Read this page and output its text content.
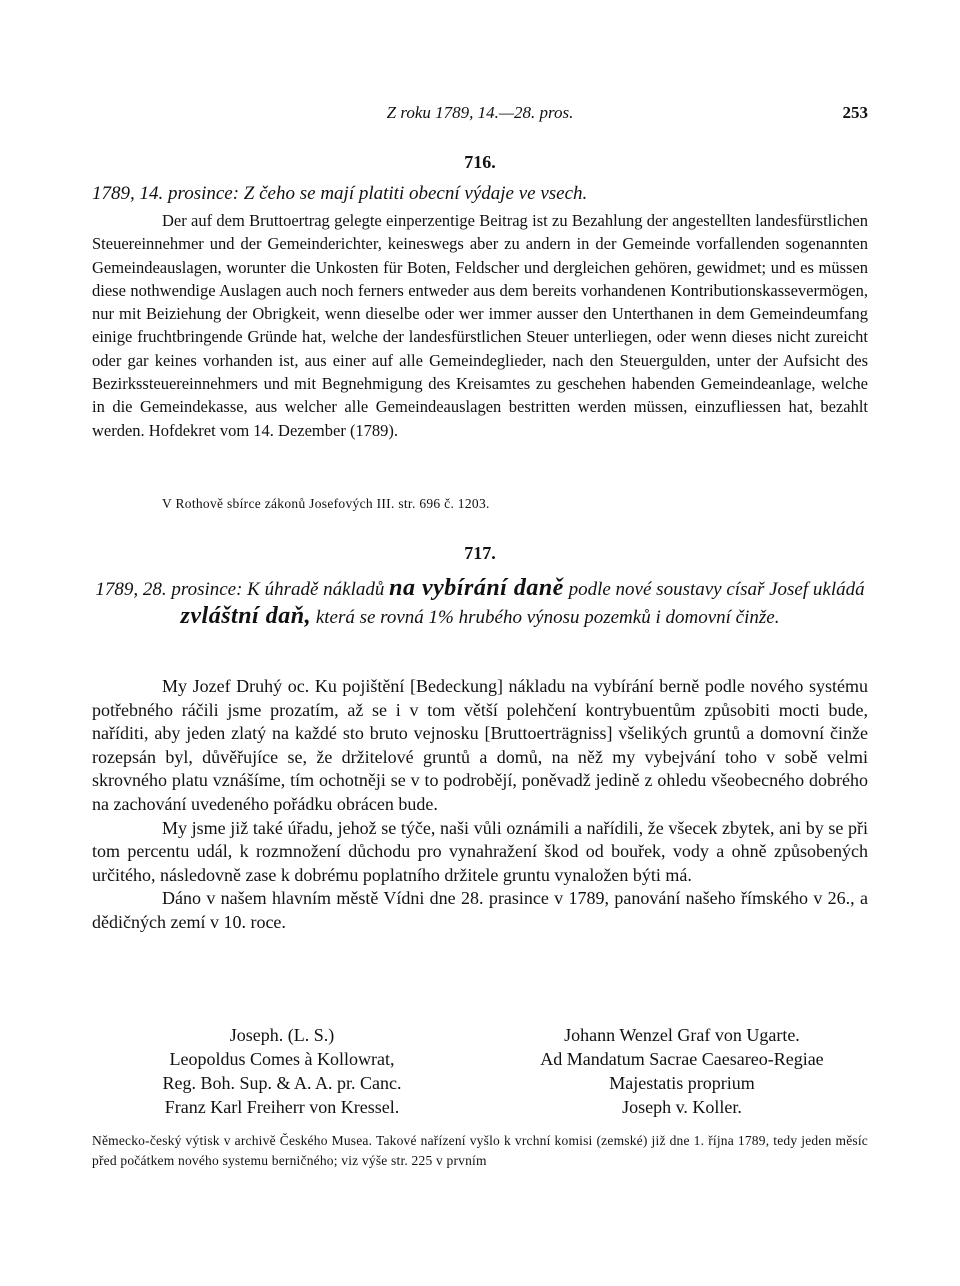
Z roku 1789, 14.—28. pros.	253
716.
1789, 14. prosince: Z čeho se mají platiti obecní výdaje ve vsech.

Der auf dem Bruttoertrag gelegte einperzentige Beitrag ist zu Bezahlung der angestellten landesfürstlichen Steuereinnehmer und der Gemeinderichter, keineswegs aber zu andern in der Gemeinde vorfallenden sogenannten Gemeindeauslagen, worunter die Unkosten für Boten, Feldscher und dergleichen gehören, gewidmet; und es müssen diese nothwendige Auslagen auch noch ferners entweder aus dem bereits vorhandenen Kontributionskassevermögen, nur mit Beiziehung der Obrigkeit, wenn dieselbe oder wer immer ausser den Unterthanen in dem Gemeindeumfang einige fruchtbringende Gründe hat, welche der landesfürstlichen Steuer unterliegen, oder wenn dieses nicht zureicht oder gar keines vorhanden ist, aus einer auf alle Gemeindeglieder, nach den Steuergulden, unter der Aufsicht des Bezirkssteuereinnehmers und mit Begnehmigung des Kreisamtes zu geschehen habenden Gemeindeanlage, welche in die Gemeindekasse, aus welcher alle Gemeindeauslagen bestritten werden müssen, einzufliessen hat, bezahlt werden. Hofdekret vom 14. Dezember (1789).

V Rothově sbírce zákonů Josefových III. str. 696 č. 1203.
717.
1789, 28. prosince: K úhradě nákladů na vybírání daně podle nové soustavy císař Josef ukládá zvláštní daň, která se rovná 1% hrubého výnosu pozemků i domovní činže.

My Jozef Druhý oc. Ku pojištění [Bedeckung] nákladu na vybírání berně podle nového systému potřebného ráčili jsme prozatím, až se i v tom větší polehčení kontrybuentům způsobiti mocti bude, naříditi, aby jeden zlatý na každé sto bruto vejnosku [Bruttoerträgniss] všelikých gruntů a domovní činže rozepsán byl, důvěřujíce se, že držitelové gruntů a domů, na něž my vybejvání toho v sobě velmi skrovného platu vznášíme, tím ochotněji se v to podrobějí, poněvadž jedině z ohledu všeobecného dobrého na zachování uvedeného pořádku obrácen bude.

My jsme již také úřadu, jehož se týče, naši vůli oznámili a nařídili, že všecek zbytek, ani by se při tom percentu udál, k rozmnožení důchodu pro vynahražení škod od bouřek, vody a ohně způsobených určitého, následovně zase k dobrému poplatního držitele gruntu vynaložen býti má.

Dáno v našem hlavním městě Vídni dne 28. prasince v 1789, panování našeho římského v 26., a dědičných zemí v 10. roce.

Joseph. (L. S.)
Leopoldus Comes à Kollowrat,
Reg. Boh. Sup. & A. A. pr. Canc.
Franz Karl Freiherr von Kressel.
Johann Wenzel Graf von Ugarte.
Ad Mandatum Sacrae Caesareo-Regiae
Majestatis proprium
Joseph v. Koller.
Německo-český výtisk v archivě Českého Musea. Takové nařízení vyšlo k vrchní komisi (zemské) již dne 1. října 1789, tedy jeden měsíc před počátkem nového systemu berničného; viz výše str. 225 v prvním
